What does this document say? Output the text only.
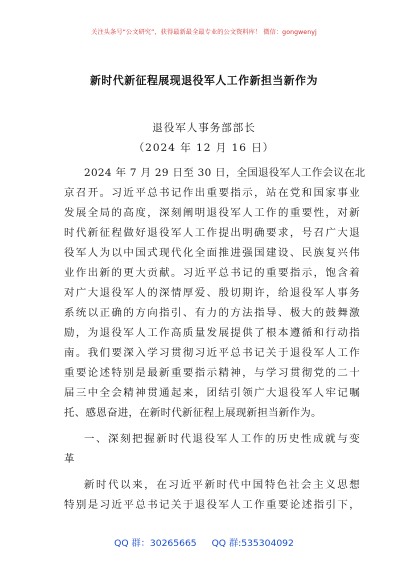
关注头条号“公文研究”，获得最新最全最专业的公文资料库！ 微信：gongwenyj
新时代新征程展现退役军人工作新担当新作为
退役军人事务部部长
（2024 年 12 月 16 日）
2024 年 7 月 29 日至 30 日，全国退役军人工作会议在北
京召开。习近平总书记作出重要指示，站在党和国家事业
发展全局的高度，深刻阐明退役军人工作的重要性，对新
时代新征程做好退役军人工作提出明确要求，号召广大退
役军人为以中国式现代化全面推进强国建设、民族复兴伟
业作出新的更大贡献。习近平总书记的重要指示，饱含着
对广大退役军人的深情厚爱、殷切期许，给退役军人事务
系统以正确的方向指引、有力的方法指导、极大的鼓舞激
励，为退役军人工作高质量发展提供了根本遵循和行动指
南。我们要深入学习贯彻习近平总书记关于退役军人工作
重要论述特别是最新重要指示精神，与学习贯彻党的二十
届三中全会精神贯通起来，团结引领广大退役军人牢记嘱
托、感恩奋进，在新时代新征程上展现新担当新作为。
一、深刻把握新时代退役军人工作的历史性成就与变
革
新时代以来，在习近平新时代中国特色社会主义思想
特别是习近平总书记关于退役军人工作重要论述指引下，
QQ 群：30265665 QQ 群:535304092
